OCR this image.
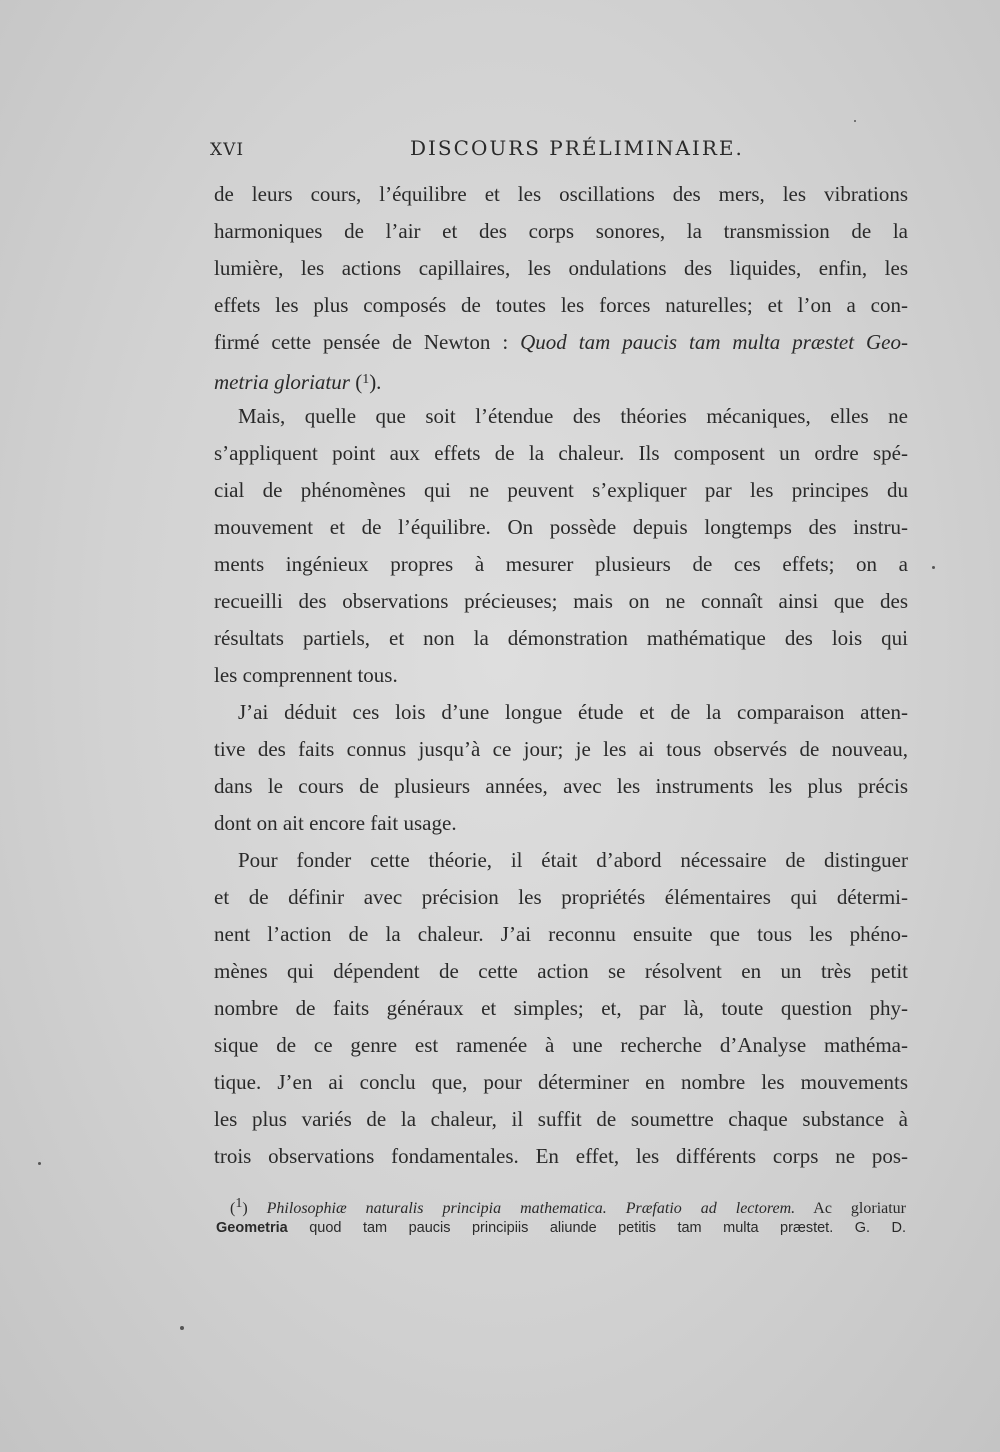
XVI	DISCOURS PRÉLIMINAIRE.
de leurs cours, l’équilibre et les oscillations des mers, les vibrations
harmoniques de l’air et des corps sonores, la transmission de la
lumière, les actions capillaires, les ondulations des liquides, enfin, les
effets les plus composés de toutes les forces naturelles; et l’on a con-
firmé cette pensée de Newton : Quod tam paucis tam multa præstet Geo-
metria gloriatur ($^1$).
Mais, quelle que soit l’étendue des théories mécaniques, elles ne
s’appliquent point aux effets de la chaleur. Ils composent un ordre spé-
cial de phénomènes qui ne peuvent s’expliquer par les principes du
mouvement et de l’équilibre. On possède depuis longtemps des instru-
ments ingénieux propres à mesurer plusieurs de ces effets; on a
recueilli des observations précieuses; mais on ne connaît ainsi que des
résultats partiels, et non la démonstration mathématique des lois qui
les comprennent tous.
J’ai déduit ces lois d’une longue étude et de la comparaison atten-
tive des faits connus jusqu’à ce jour; je les ai tous observés de nouveau,
dans le cours de plusieurs années, avec les instruments les plus précis
dont on ait encore fait usage.
Pour fonder cette théorie, il était d’abord nécessaire de distinguer
et de définir avec précision les propriétés élémentaires qui détermi-
nent l’action de la chaleur. J’ai reconnu ensuite que tous les phéno-
mènes qui dépendent de cette action se résolvent en un très petit
nombre de faits généraux et simples; et, par là, toute question phy-
sique de ce genre est ramenée à une recherche d’Analyse mathéma-
tique. J’en ai conclu que, pour déterminer en nombre les mouvements
les plus variés de la chaleur, il suffit de soumettre chaque substance à
trois observations fondamentales. En effet, les différents corps ne pos-
(1) Philosophiæ naturalis principia mathematica. Præfatio ad lectorem. Ac gloriatur
Geometria quod tam paucis principiis aliunde petitis tam multa præstet. G. D.
